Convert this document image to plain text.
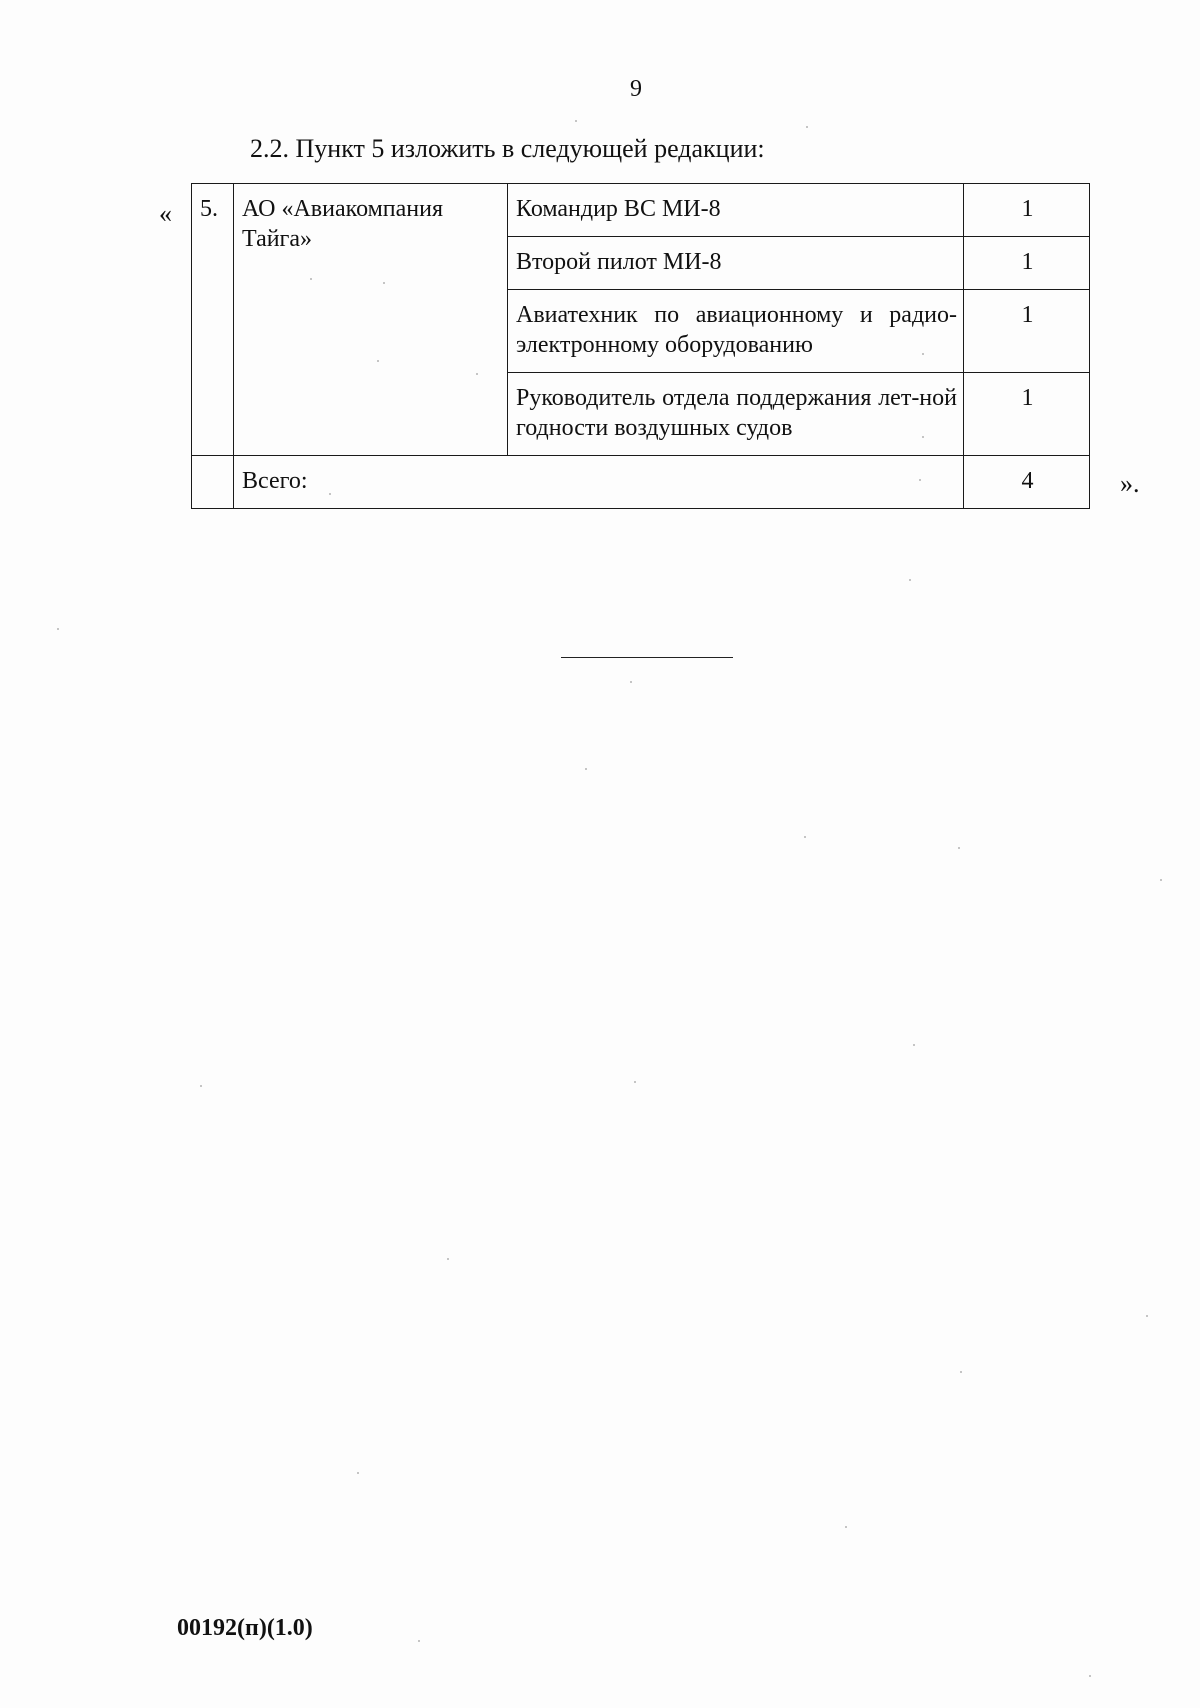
9
2.2. Пункт 5 изложить в следующей редакции:
« 5.	АО «Авиакомпания Тайга»	Командир ВС МИ-8	1
		Второй пилот МИ-8	1
		Авиатехник по авиационному и радио-электронному оборудованию	1
		Руководитель отдела поддержания лет-ной годности воздушных судов	1
	Всего:		4	».
00192(п)(1.0)
